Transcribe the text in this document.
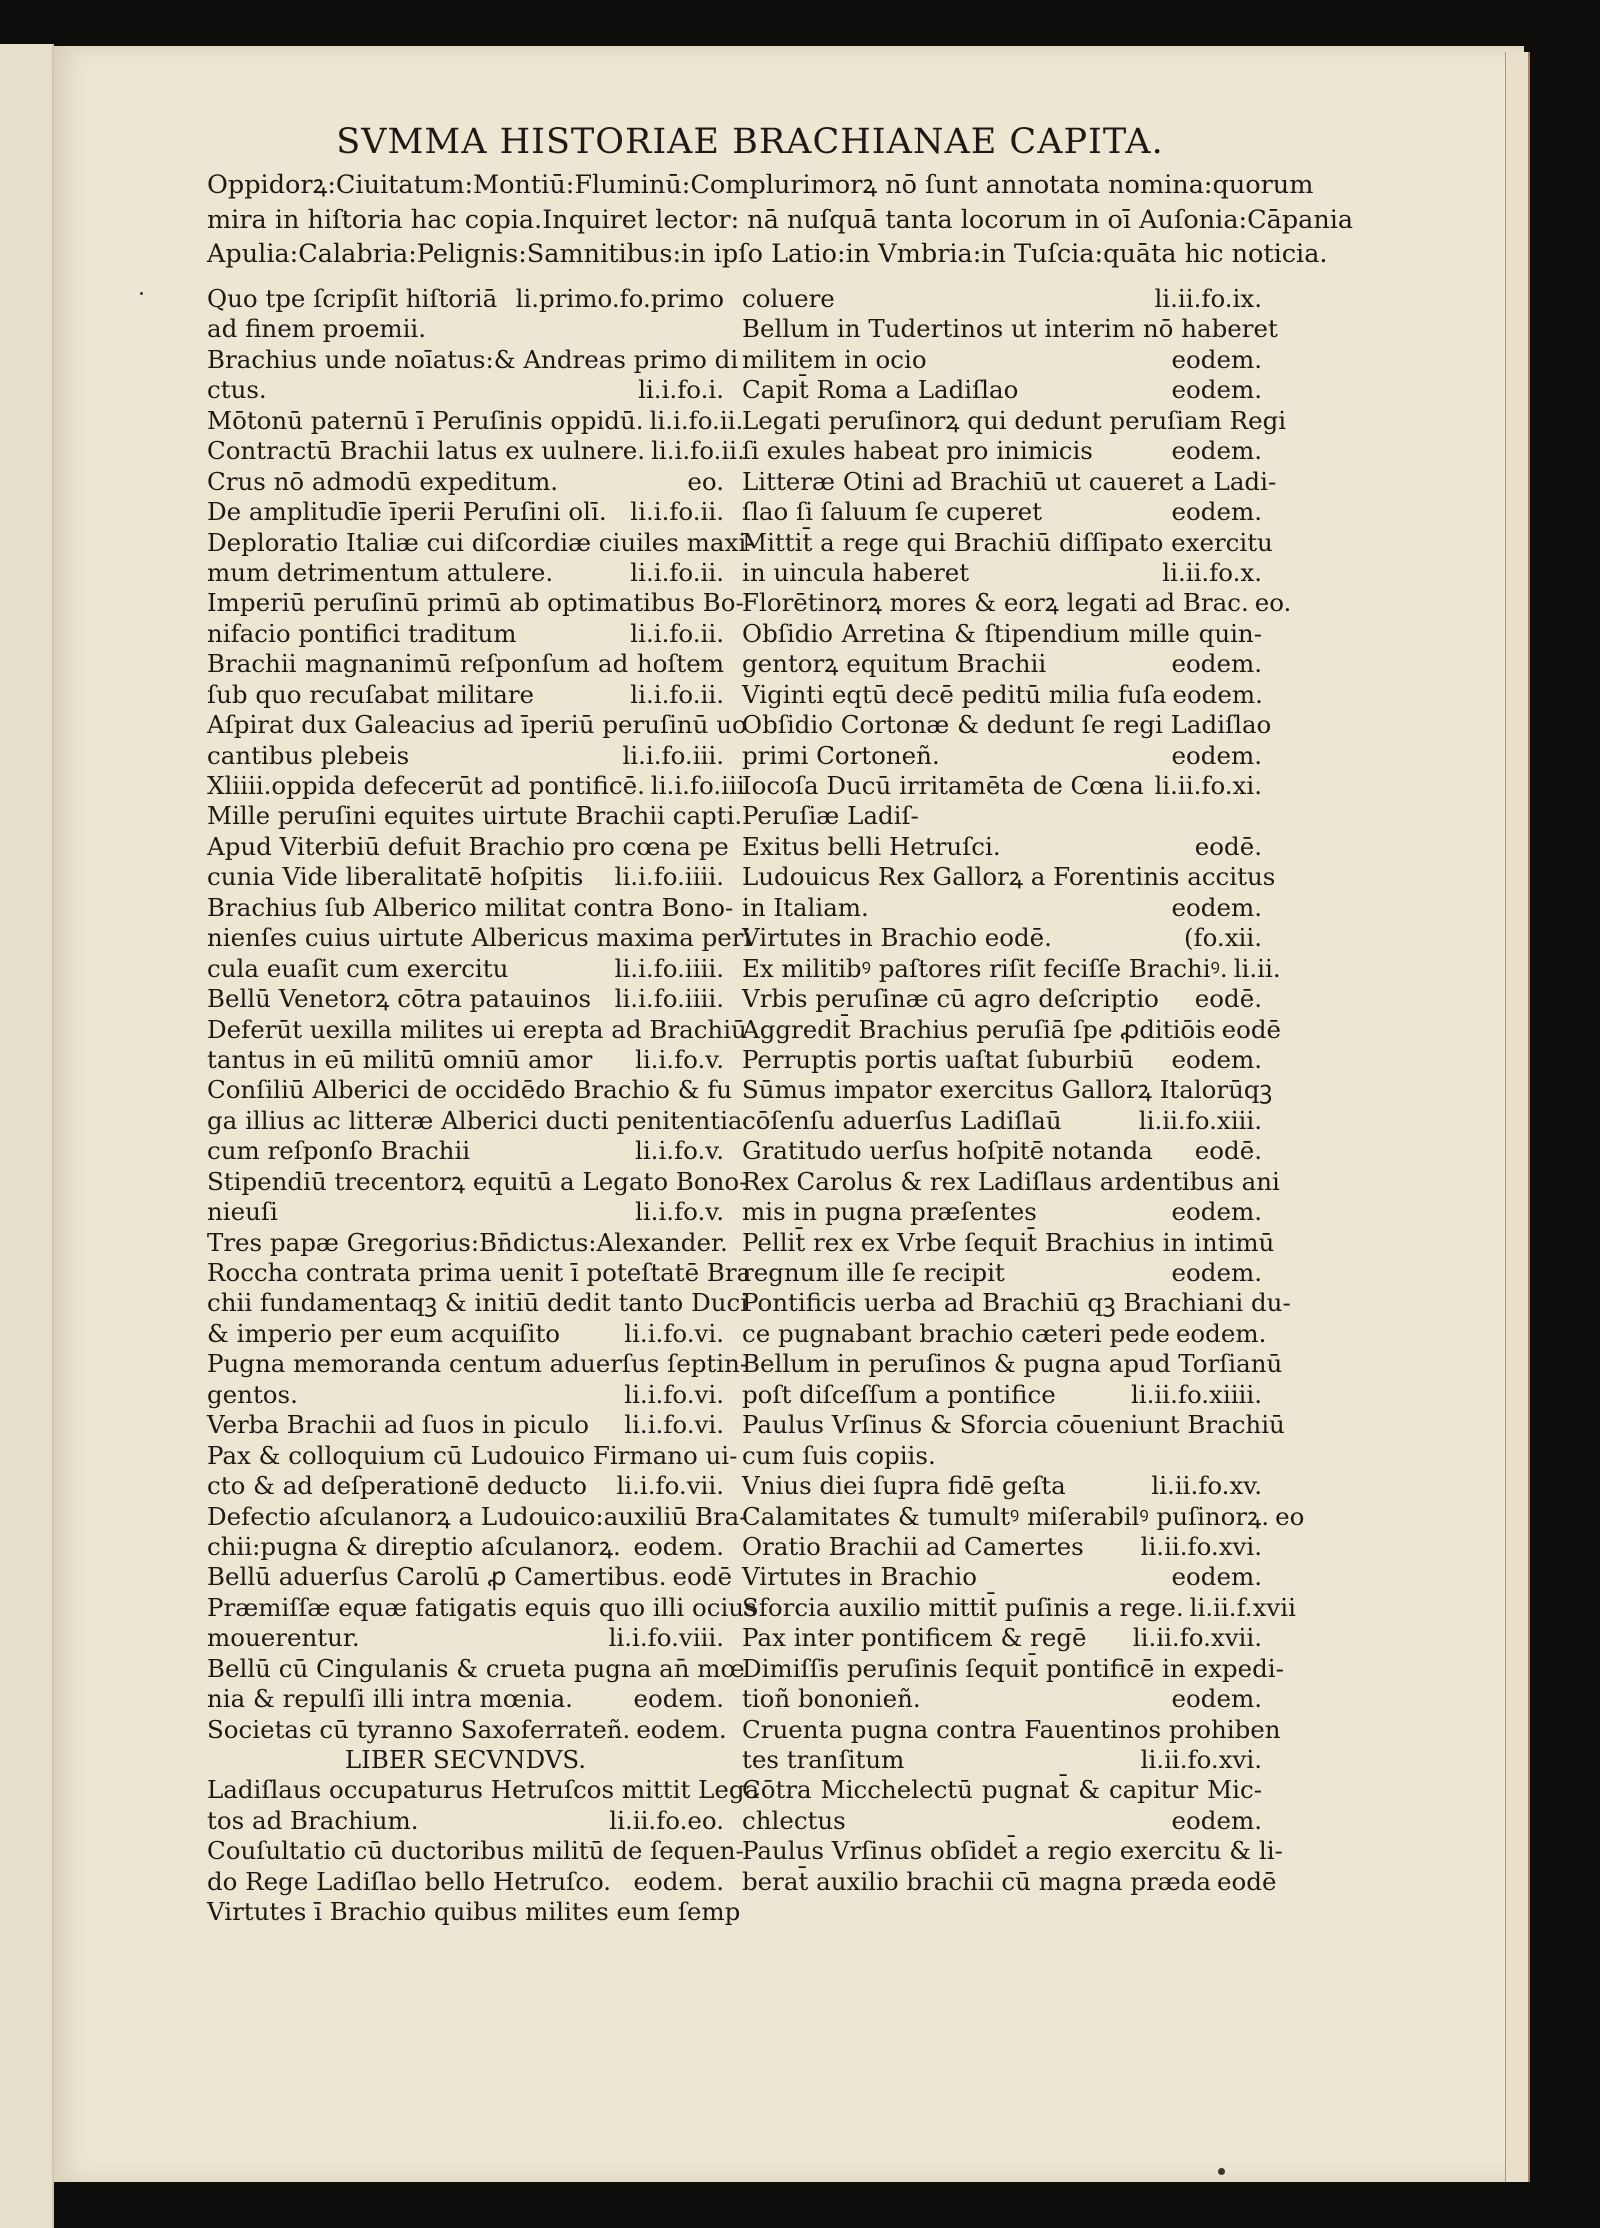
SVMMA HISTORIAE BRACHIANAE CAPITA.
Oppidorꝝ:Ciuitatum:Montiū:Fluminū:Complurimorꝝ nō ſunt annotata nomina:quorum
mira in hiſtoria hac copia.Inquiret lector: nā nuſquā tanta locorum in oī Auſonia:Cāpania
Apulia:Calabria:Pelignis:Samnitibus:in ipſo Latio:in Vmbria:in Tuſcia:quāta hic noticia.
Quo tpe ſcripſit hiſtoriā li.primo.fo.primo
ad finem proemii.
Brachius unde noīatus:& Andreas primo di
ctus.	li.i.fo.i.
Mōtonū paternū ī Peruſinis oppidū. li.i.fo.ii.
Contractū Brachii latus ex uulnere. li.i.fo.ii.
Crus nō admodū expeditum.	eo.
De amplitudīe īperii Peruſini olī. li.i.fo.ii.
Deploratio Italiæ cui diſcordiæ ciuiles maxi-
mum detrimentum attulere.	li.i.fo.ii.
Imperiū peruſinū primū ab optimatibus Bo-
nifacio pontifici traditum	li.i.fo.ii.
Brachii magnanimū reſponſum ad hoſtem
ſub quo recuſabat militare	li.i.fo.ii.
Aſpirat dux Galeacius ad īperiū peruſinū uo
cantibus plebeis	li.i.fo.iii.
Xliiii.oppida defecerūt ad pontificē. li.i.fo.iii
Mille peruſini equites uirtute Brachii capti.
Apud Viterbiū defuit Brachio pro cœna pe
cunia Vide liberalitatē hoſpitis li.i.fo.iiii.
Brachius ſub Alberico militat contra Bono-
nienſes cuius uirtute Albericus maxima peri
cula euaſit cum exercitu	li.i.fo.iiii.
Bellū Venetorꝝ cōtra patauinos li.i.fo.iiii.
Deferūt uexilla milites ui erepta ad Brachiū
tantus in eū militū omniū amor li.i.fo.v.
Conſiliū Alberici de occidēdo Brachio & fu
ga illius ac litteræ Alberici ducti penitentia
cum reſponſo Brachii	li.i.fo.v.
Stipendiū trecentorꝝ equitū a Legato Bono-
nieuſi	li.i.fo.v.
Tres papæ Gregorius:Bn̄dictus:Alexander.
Roccha contrata prima uenit ī poteſtatē Bra
chii fundamentaqꝫ & initiū dedit tanto Duci
& imperio per eum acquiſito	li.i.fo.vi.
Pugna memoranda centum aduerſus ſeptin-
gentos.	li.i.fo.vi.
Verba Brachii ad ſuos in piculo li.i.fo.vi.
Pax & colloquium cū Ludouico Firmano ui-
cto & ad deſperationē deducto li.i.fo.vii.
Defectio aſculanorꝝ a Ludouico:auxiliū Bra-
chii:pugna & direptio aſculanorꝝ. eodem.
Bellū aduerſus Carolū ꝓ Camertibus. eodē
Præmiſſæ equæ fatigatis equis quo illi ocius
mouerentur.	li.i.fo.viii.
Bellū cū Cingulanis & crueta pugna an̄ mœ
nia & repulſi illi intra mœnia. eodem.
Societas cū tyranno Saxoferrateñ. eodem.
LIBER SECVNDVS.
Ladiſlaus occupaturus Hetruſcos mittit Lega
tos ad Brachium.	li.ii.fo.eo.
Couſultatio cū ductoribus militū de ſequen-
do Rege Ladiſlao bello Hetruſco. eodem.
Virtutes ī Brachio quibus milites eum ſemp
coluere	li.ii.fo.ix.
Bellum in Tudertinos ut interim nō haberet
militem in ocio	eodem.
Capit̄ Roma a Ladiſlao	eodem.
Legati peruſinorꝝ qui dedunt peruſiam Regi
ſi exules habeat pro inimicis	eodem.
Litteræ Otini ad Brachiū ut caueret a Ladi-
ſlao ſi ſaluum ſe cuperet	eodem.
Mittit̄ a rege qui Brachiū diſſipato exercitu
in uincula haberet	li.ii.fo.x.
Florētinorꝝ mores & eorꝝ legati ad Brac. eo.
Obſidio Arretina & ſtipendium mille quin-
gentorꝝ equitum Brachii	eodem.
Viginti eqtū decē peditū milia fuſa eodem.
Obſidio Cortonæ & dedunt ſe regi Ladiſlao
primi Cortoneñ.	eodem.
Iocoſa Ducū irritamēta de Cœna li.ii.fo.xi.
Peruſiæ Ladiſ-
Exitus belli Hetruſci.	eodē.
Ludouicus Rex Gallorꝝ a Forentinis accitus
in Italiam.	eodem.
Virtutes in Brachio eodē.	(fo.xii.
Ex militibꝰ paſtores riſit feciſſe Brachiꝰ. li.ii.
Vrbis peruſinæ cū agro deſcriptio eodē.
Aggredit̄ Brachius peruſiā ſpe ꝓditiōis eodē
Perruptis portis uaſtat ſuburbiū eodem.
Sūmus impator exercitus Gallorꝝ Italorūqꝫ
cōſenſu aduerſus Ladiſlaū	li.ii.fo.xiii.
Gratitudo uerſus hoſpitē notanda eodē.
Rex Carolus & rex Ladiſlaus ardentibus ani
mis in pugna præſentes	eodem.
Pellit̄ rex ex Vrbe ſequit̄ Brachius in intimū
regnum ille ſe recipit	eodem.
Pontificis uerba ad Brachiū qꝫ Brachiani du-
ce pugnabant brachio cæteri pede eodem.
Bellum in peruſinos & pugna apud Torſianū
poſt diſceſſum a pontifice	li.ii.fo.xiiii.
Paulus Vrſinus & Sforcia cōueniunt Brachiū
cum ſuis copiis.
Vnius diei ſupra fidē geſta	li.ii.fo.xv.
Calamitates & tumultꝰ miſerabilꝰ puſinorꝝ. eo
Oratio Brachii ad Camertes li.ii.fo.xvi.
Virtutes in Brachio	eodem.
Sforcia auxilio mittit̄ puſinis a rege. li.ii.f.xvii
Pax inter pontificem & regē li.ii.fo.xvii.
Dimiſſis peruſinis ſequit̄ pontificē in expedi-
tioñ bononieñ.	eodem.
Cruenta pugna contra Fauentinos prohiben
tes tranſitum	li.ii.fo.xvi.
Cōtra Micchelectū pugnat̄ & capitur Mic-
chlectus	eodem.
Paulus Vrſinus obſidet̄ a regio exercitu & li-
berat̄ auxilio brachii cū magna præda eodē
